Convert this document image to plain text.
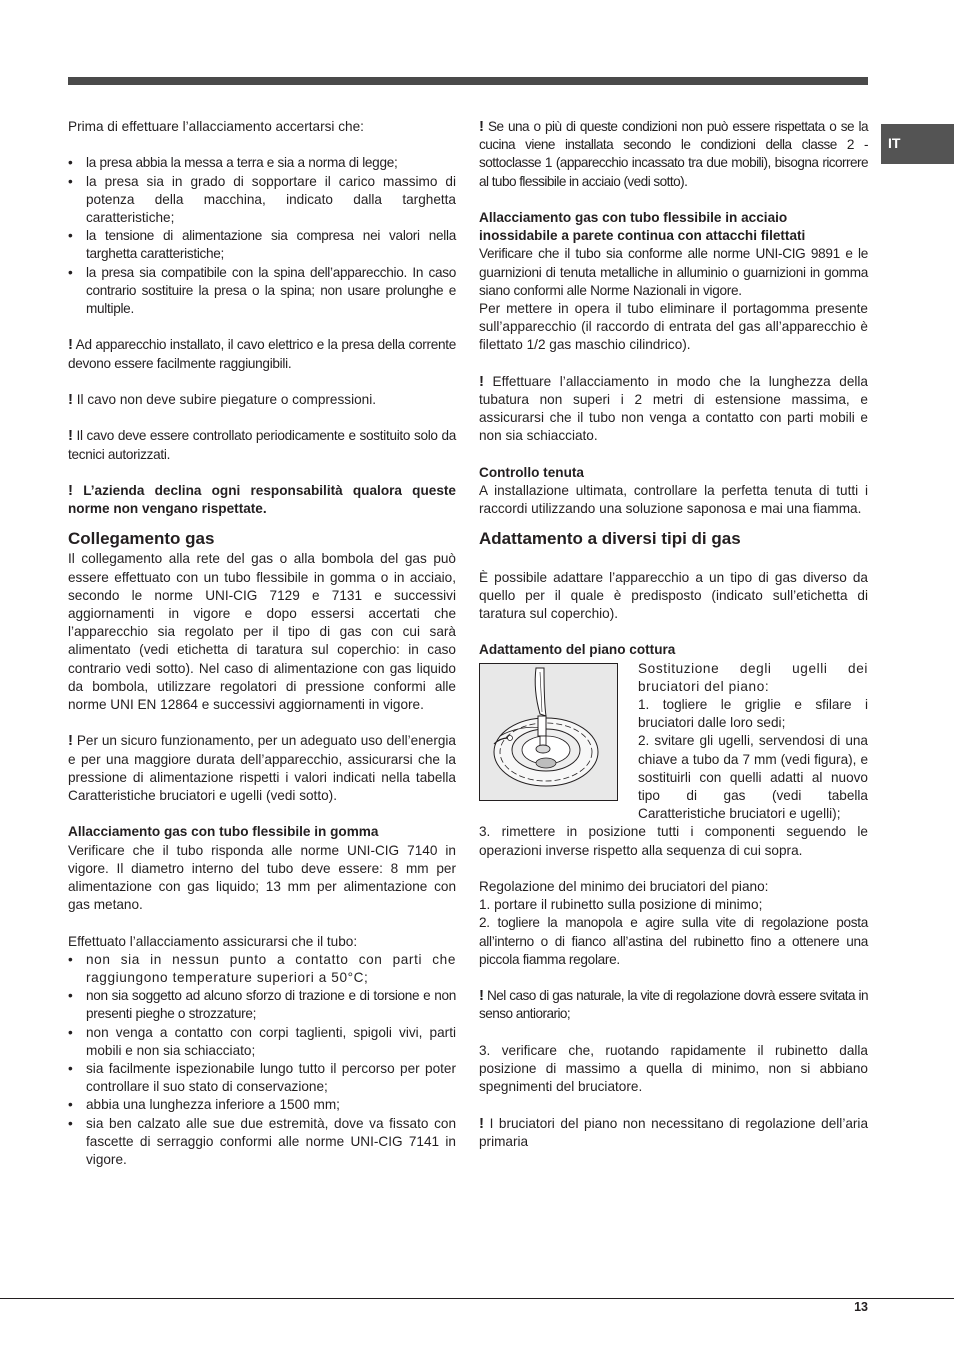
IT

Prima di effettuare l’allacciamento accertarsi che:

• la presa abbia la messa a terra e sia a norma di legge;
• la presa sia in grado di sopportare il carico massimo di potenza della macchina, indicato dalla targhetta caratteristiche;
• la tensione di alimentazione sia compresa nei valori nella targhetta caratteristiche;
• la presa sia compatibile con la spina dell’apparecchio. In caso contrario sostituire la presa o la spina; non usare prolunghe e multiple.

! Ad apparecchio installato, il cavo elettrico e la presa della corrente devono essere facilmente raggiungibili.

! Il cavo non deve subire piegature o compressioni.

! Il cavo deve essere controllato periodicamente e sostituito solo da tecnici autorizzati.

! L’azienda declina ogni responsabilità qualora queste norme non vengano rispettate.

Collegamento gas

Il collegamento alla rete del gas o alla bombola del gas può essere effettuato con un tubo flessibile in gomma o in acciaio, secondo le norme UNI-CIG 7129 e 7131 e successivi aggiornamenti in vigore e dopo essersi accertati che l’apparecchio sia regolato per il tipo di gas con cui sarà alimentato (vedi etichetta di taratura sul coperchio: in caso contrario vedi sotto). Nel caso di alimentazione con gas liquido da bombola, utilizzare regolatori di pressione conformi alle norme UNI EN 12864 e successivi aggiornamenti in vigore.

! Per un sicuro funzionamento, per un adeguato uso dell’energia e per una maggiore durata dell’apparecchio, assicurarsi che la pressione di alimentazione rispetti i valori indicati nella tabella Caratteristiche bruciatori e ugelli (vedi sotto).

Allacciamento gas con tubo flessibile in gomma

Verificare che il tubo risponda alle norme UNI-CIG 7140 in vigore. Il diametro interno del tubo deve essere: 8 mm per alimentazione con gas liquido; 13 mm per alimentazione con gas metano.

Effettuato l’allacciamento assicurarsi che il tubo:

• non sia in nessun punto a contatto con parti che raggiungono temperature superiori a 50°C;
• non sia soggetto ad alcuno sforzo di trazione e di torsione e non presenti pieghe o strozzature;
• non venga a contatto con corpi taglienti, spigoli vivi, parti mobili e non sia schiacciato;
• sia facilmente ispezionabile lungo tutto il percorso per poter controllare il suo stato di conservazione;
• abbia una lunghezza inferiore a 1500 mm;
• sia ben calzato alle sue due estremità, dove va fissato con fascette di serraggio conformi alle norme UNI-CIG 7141 in vigore.

! Se una o più di queste condizioni non può essere rispettata o se la cucina viene installata secondo le condizioni della classe 2 - sottoclasse 1 (apparecchio incassato tra due mobili), bisogna ricorrere al tubo flessibile in acciaio (vedi sotto).

Allacciamento gas con tubo flessibile in acciaio inossidabile a parete continua con attacchi filettati

Verificare che il tubo sia conforme alle norme UNI-CIG 9891 e le guarnizioni di tenuta metalliche in alluminio o guarnizioni in gomma siano conformi alle Norme Nazionali in vigore.

Per mettere in opera il tubo eliminare il portagomma presente sull’apparecchio (il raccordo di entrata del gas all’apparecchio è filettato 1/2 gas maschio cilindrico).

! Effettuare l’allacciamento in modo che la lunghezza della tubatura non superi i 2 metri di estensione massima, e assicurarsi che il tubo non venga a contatto con parti mobili e non sia schiacciato.

Controllo tenuta

A installazione ultimata, controllare la perfetta tenuta di tutti i raccordi utilizzando una soluzione saponosa e mai una fiamma.

Adattamento a diversi tipi di gas

È possibile adattare l’apparecchio a un tipo di gas diverso da quello per il quale è predisposto (indicato sull’etichetta di taratura sul coperchio).

Adattamento del piano cottura

Sostituzione degli ugelli dei bruciatori del piano:

1. togliere le griglie e sfilare i bruciatori dalle loro sedi;

2. svitare gli ugelli, servendosi di una chiave a tubo da 7 mm (vedi figura), e sostituirli con quelli adatti al nuovo tipo di gas (vedi tabella Caratteristiche bruciatori e ugelli);

3. rimettere in posizione tutti i componenti seguendo le operazioni inverse rispetto alla sequenza di cui sopra.

Regolazione del minimo dei bruciatori del piano:

1. portare il rubinetto sulla posizione di minimo;

2. togliere la manopola e agire sulla vite di regolazione posta all’interno o di fianco all’astina del rubinetto fino a ottenere una piccola fiamma regolare.

! Nel caso di gas naturale, la vite di regolazione dovrà essere svitata in senso antiorario;

3. verificare che, ruotando rapidamente il rubinetto dalla posizione di massimo a quella di minimo, non si abbiano spegnimenti del bruciatore.

! I bruciatori del piano non necessitano di regolazione dell’aria primaria

13
